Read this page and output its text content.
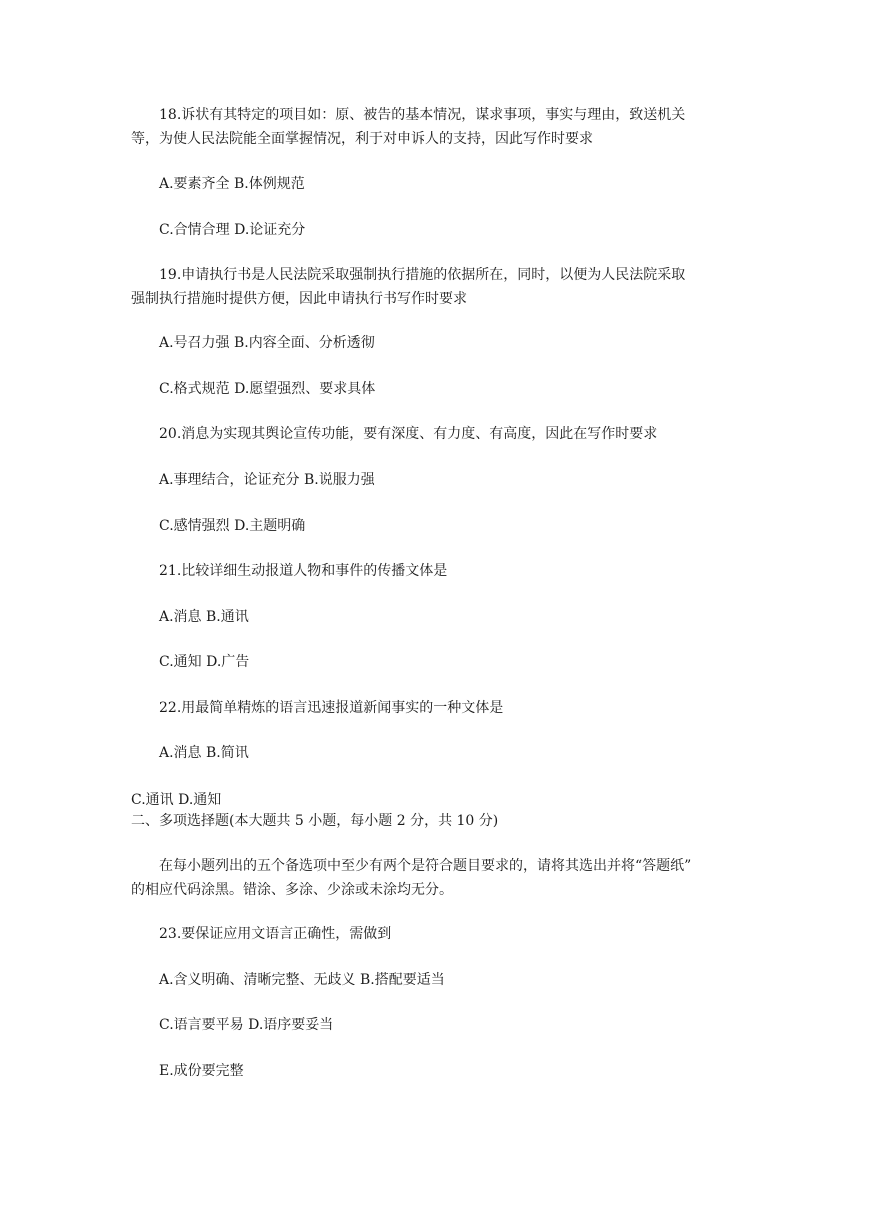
18.诉状有其特定的项目如：原、被告的基本情况，谋求事项，事实与理由，致送机关

等，为使人民法院能全面掌握情况，利于对申诉人的支持，因此写作时要求

A.要素齐全 B.体例规范

C.合情合理 D.论证充分

19.申请执行书是人民法院采取强制执行措施的依据所在，同时，以便为人民法院采取

强制执行措施时提供方便，因此申请执行书写作时要求

A.号召力强 B.内容全面、分析透彻

C.格式规范 D.愿望强烈、要求具体

20.消息为实现其舆论宣传功能，要有深度、有力度、有高度，因此在写作时要求

A.事理结合，论证充分 B.说服力强

C.感情强烈 D.主题明确

21.比较详细生动报道人物和事件的传播文体是

A.消息 B.通讯

C.通知 D.广告

22.用最简单精炼的语言迅速报道新闻事实的一种文体是

A.消息 B.简讯

C.通讯 D.通知

二、多项选择题(本大题共 5 小题，每小题 2 分，共 10 分)

在每小题列出的五个备选项中至少有两个是符合题目要求的，请将其选出并将“答题纸”

的相应代码涂黑。错涂、多涂、少涂或未涂均无分。

23.要保证应用文语言正确性，需做到

A.含义明确、清晰完整、无歧义 B.搭配要适当

C.语言要平易 D.语序要妥当

E.成份要完整
